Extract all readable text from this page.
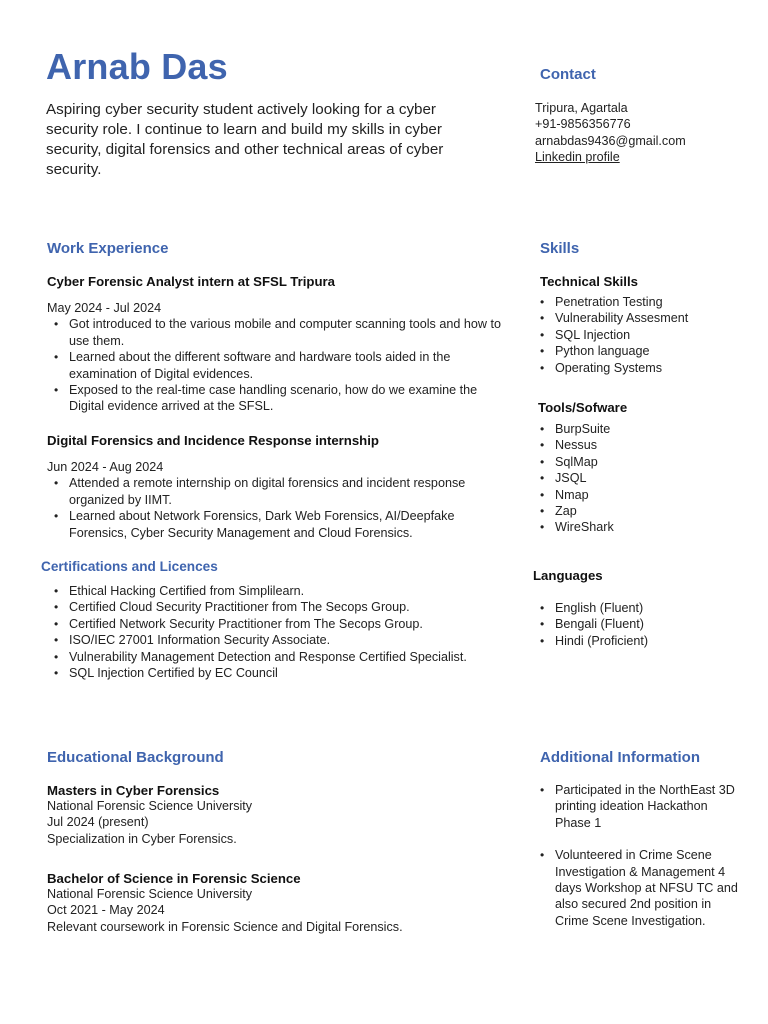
Arnab Das
Aspiring cyber security student actively looking for a cyber security role. I continue to learn and build my skills in cyber security, digital forensics and other technical areas of cyber security.
Contact
Tripura, Agartala
+91-9856356776
arnabdas9436@gmail.com
Linkedin profile
Work Experience
Cyber Forensic Analyst intern at SFSL Tripura
May 2024 - Jul 2024
• Got introduced to the various mobile and computer scanning tools and how to use them.
• Learned about the different software and hardware tools aided in the examination of Digital evidences.
• Exposed to the real-time case handling scenario, how do we examine the Digital evidence arrived at the SFSL.
Digital Forensics and Incidence Response internship
Jun 2024 - Aug 2024
• Attended a remote internship on digital forensics and incident response organized by IIMT.
• Learned about Network Forensics, Dark Web Forensics, AI/Deepfake Forensics, Cyber Security Management and Cloud Forensics.
Certifications and Licences
• Ethical Hacking Certified from Simplilearn.
• Certified Cloud Security Practitioner from The Secops Group.
• Certified Network Security Practitioner from The Secops Group.
• ISO/IEC 27001 Information Security Associate.
• Vulnerability Management Detection and Response Certified Specialist.
• SQL Injection Certified by EC Council
Skills
Technical Skills
• Penetration Testing
• Vulnerability Assesment
• SQL Injection
• Python language
• Operating Systems
Tools/Sofware
• BurpSuite
• Nessus
• SqlMap
• JSQL
• Nmap
• Zap
• WireShark
Languages
• English (Fluent)
• Bengali (Fluent)
• Hindi (Proficient)
Educational Background
Masters in Cyber Forensics
National Forensic Science University
Jul 2024 (present)
Specialization in Cyber Forensics.
Bachelor of Science in Forensic Science
National Forensic Science University
Oct 2021 - May 2024
Relevant coursework in Forensic Science and Digital Forensics.
Additional Information
• Participated in the NorthEast 3D printing ideation Hackathon Phase 1
• Volunteered in Crime Scene Investigation & Management 4 days Workshop at NFSU TC and also secured 2nd position in Crime Scene Investigation.
